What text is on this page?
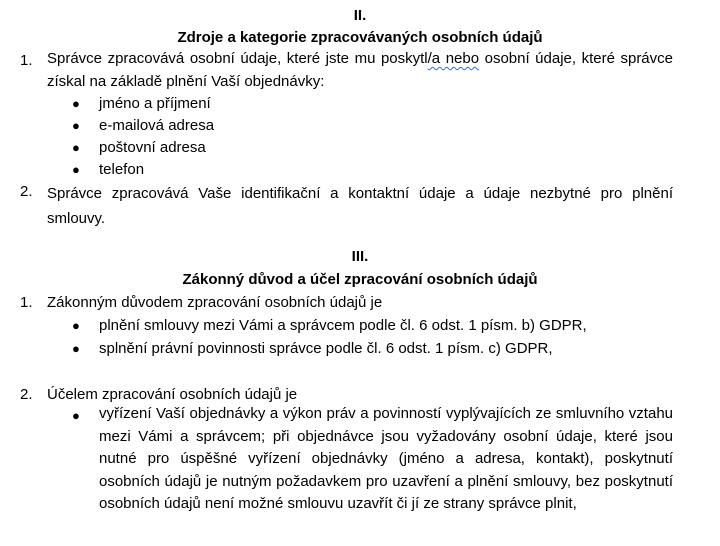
II.
Zdroje a kategorie zpracovávaných osobních údajů
1. Správce zpracovává osobní údaje, které jste mu poskytl/a nebo osobní údaje, které správce získal na základě plnění Vaší objednávky:
● jméno a příjmení
● e-mailová adresa
● poštovní adresa
● telefon
2. Správce zpracovává Vaše identifikační a kontaktní údaje a údaje nezbytné pro plnění smlouvy.
III.
Zákonný důvod a účel zpracování osobních údajů
1. Zákonným důvodem zpracování osobních údajů je
● plnění smlouvy mezi Vámi a správcem podle čl. 6 odst. 1 písm. b) GDPR,
● splnění právní povinnosti správce podle čl. 6 odst. 1 písm. c) GDPR,
2. Účelem zpracování osobních údajů je
● vyřízení Vaší objednávky a výkon práv a povinností vyplývajících ze smluvního vztahu mezi Vámi a správcem; při objednávce jsou vyžadovány osobní údaje, které jsou nutné pro úspěšné vyřízení objednávky (jméno a adresa, kontakt), poskytnutí osobních údajů je nutným požadavkem pro uzavření a plnění smlouvy, bez poskytnutí osobních údajů není možné smlouvu uzavřít či jí ze strany správce plnit,
